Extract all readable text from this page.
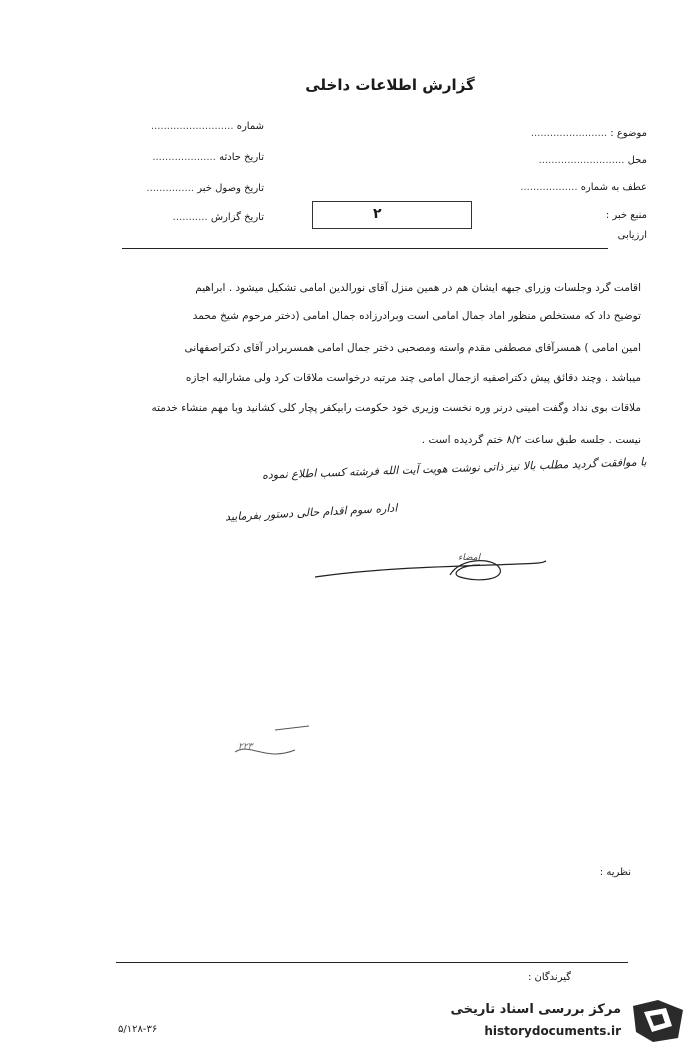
گزارش اطلاعات داخلی
موضوع : ........................
محل ...........................
عطف به شماره ..................
منبع خبر :
ارزیابی
شماره ..........................
تاریخ حادثه ....................
تاریخ وصول خبر ...............
تاریخ گزارش ...........	۲
اقامت گرد وجلسات وزرای جبهه ایشان هم در همین منزل آقای نورالدین امامی تشکیل میشود . ابراهیم
توضیح داد که مستخلص منظور اماد جمال امامی است وبرادرزاده جمال امامی (دختر مرحوم شیخ محمد
امین امامی ) همسرآقای مصطفی مقدم واسته ومصحبی دختر جمال امامی همسربرادر آقای دکتراصفهانی
میباشد . وچند دقائق پیش دکتراصفیه ازجمال امامی چند مرتبه درخواست ملاقات کرد ولی مشارالیه اجازه
ملاقات بوی نداد وگفت امینی درنر وره نخست وزیری خود حکومت رابیکفر پچار کلی کشانید وبا مهم منشاء خدمته
نیست . جلسه طبق ساعت ۸/۲ ختم گردیده است .
با موافقت گردید مطلب بالا نیز ذاتی نوشت هویت آیت الله فرشته کسب اطلاع نموده
اداره سوم اقدام حالی دستور بفرمایید
امضاء
۲۲۳
نظریه :
گیرندگان :
۵/۱۲۸-۳۶
مرکز بررسی اسناد تاریخی
historydocuments.ir
